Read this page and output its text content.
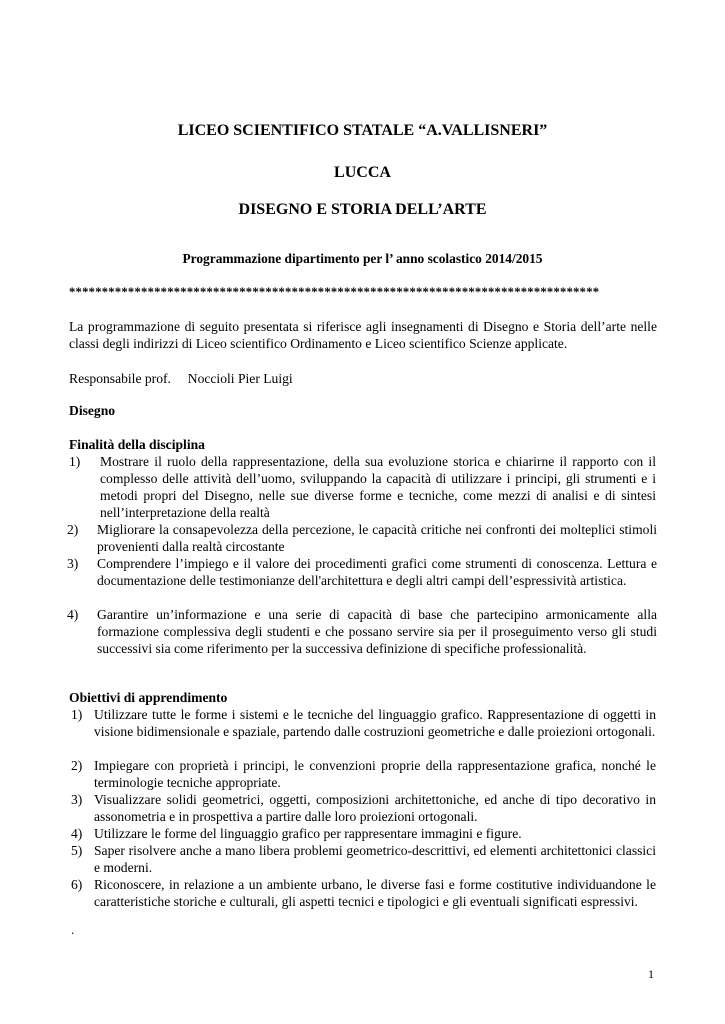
LICEO SCIENTIFICO STATALE “A.VALLISNERI”
LUCCA
DISEGNO E STORIA DELL’ARTE
Programmazione dipartimento per l’ anno scolastico 2014/2015
*********************************************************************************
La programmazione di seguito presentata si riferisce agli insegnamenti di Disegno e Storia dell’arte nelle classi degli indirizzi di Liceo scientifico Ordinamento e Liceo scientifico Scienze applicate.
Responsabile prof. Noccioli Pier Luigi
Disegno
Finalità della disciplina
1) Mostrare il ruolo della rappresentazione, della sua evoluzione storica e chiarirne il rapporto con il complesso delle attività dell’uomo, sviluppando la capacità di utilizzare i principi, gli strumenti e i metodi propri del Disegno, nelle sue diverse forme e tecniche, come mezzi di analisi e di sintesi nell’interpretazione della realtà
2) Migliorare la consapevolezza della percezione, le capacità critiche nei confronti dei molteplici stimoli provenienti dalla realtà circostante
3) Comprendere l’impiego e il valore dei procedimenti grafici come strumenti di conoscenza. Lettura e documentazione delle testimonianze dell'architettura e degli altri campi dell’espressività artistica.
4) Garantire un’informazione e una serie di capacità di base che partecipino armonicamente alla formazione complessiva degli studenti e che possano servire sia per il proseguimento verso gli studi successivi sia come riferimento per la successiva definizione di specifiche professionalità.
Obiettivi di apprendimento
1) Utilizzare tutte le forme i sistemi e le tecniche del linguaggio grafico. Rappresentazione di oggetti in visione bidimensionale e spaziale, partendo dalle costruzioni geometriche e dalle proiezioni ortogonali.
2) Impiegare con proprietà i principi, le convenzioni proprie della rappresentazione grafica, nonché le terminologie tecniche appropriate.
3) Visualizzare solidi geometrici, oggetti, composizioni architettoniche, ed anche di tipo decorativo in assonometria e in prospettiva a partire dalle loro proiezioni ortogonali.
4) Utilizzare le forme del linguaggio grafico per rappresentare immagini e figure.
5) Saper risolvere anche a mano libera problemi geometrico-descrittivi, ed elementi architettonici classici e moderni.
6) Riconoscere, in relazione a un ambiente urbano, le diverse fasi e forme costitutive individuandone le caratteristiche storiche e culturali, gli aspetti tecnici e tipologici e gli eventuali significati espressivi.
.
1
